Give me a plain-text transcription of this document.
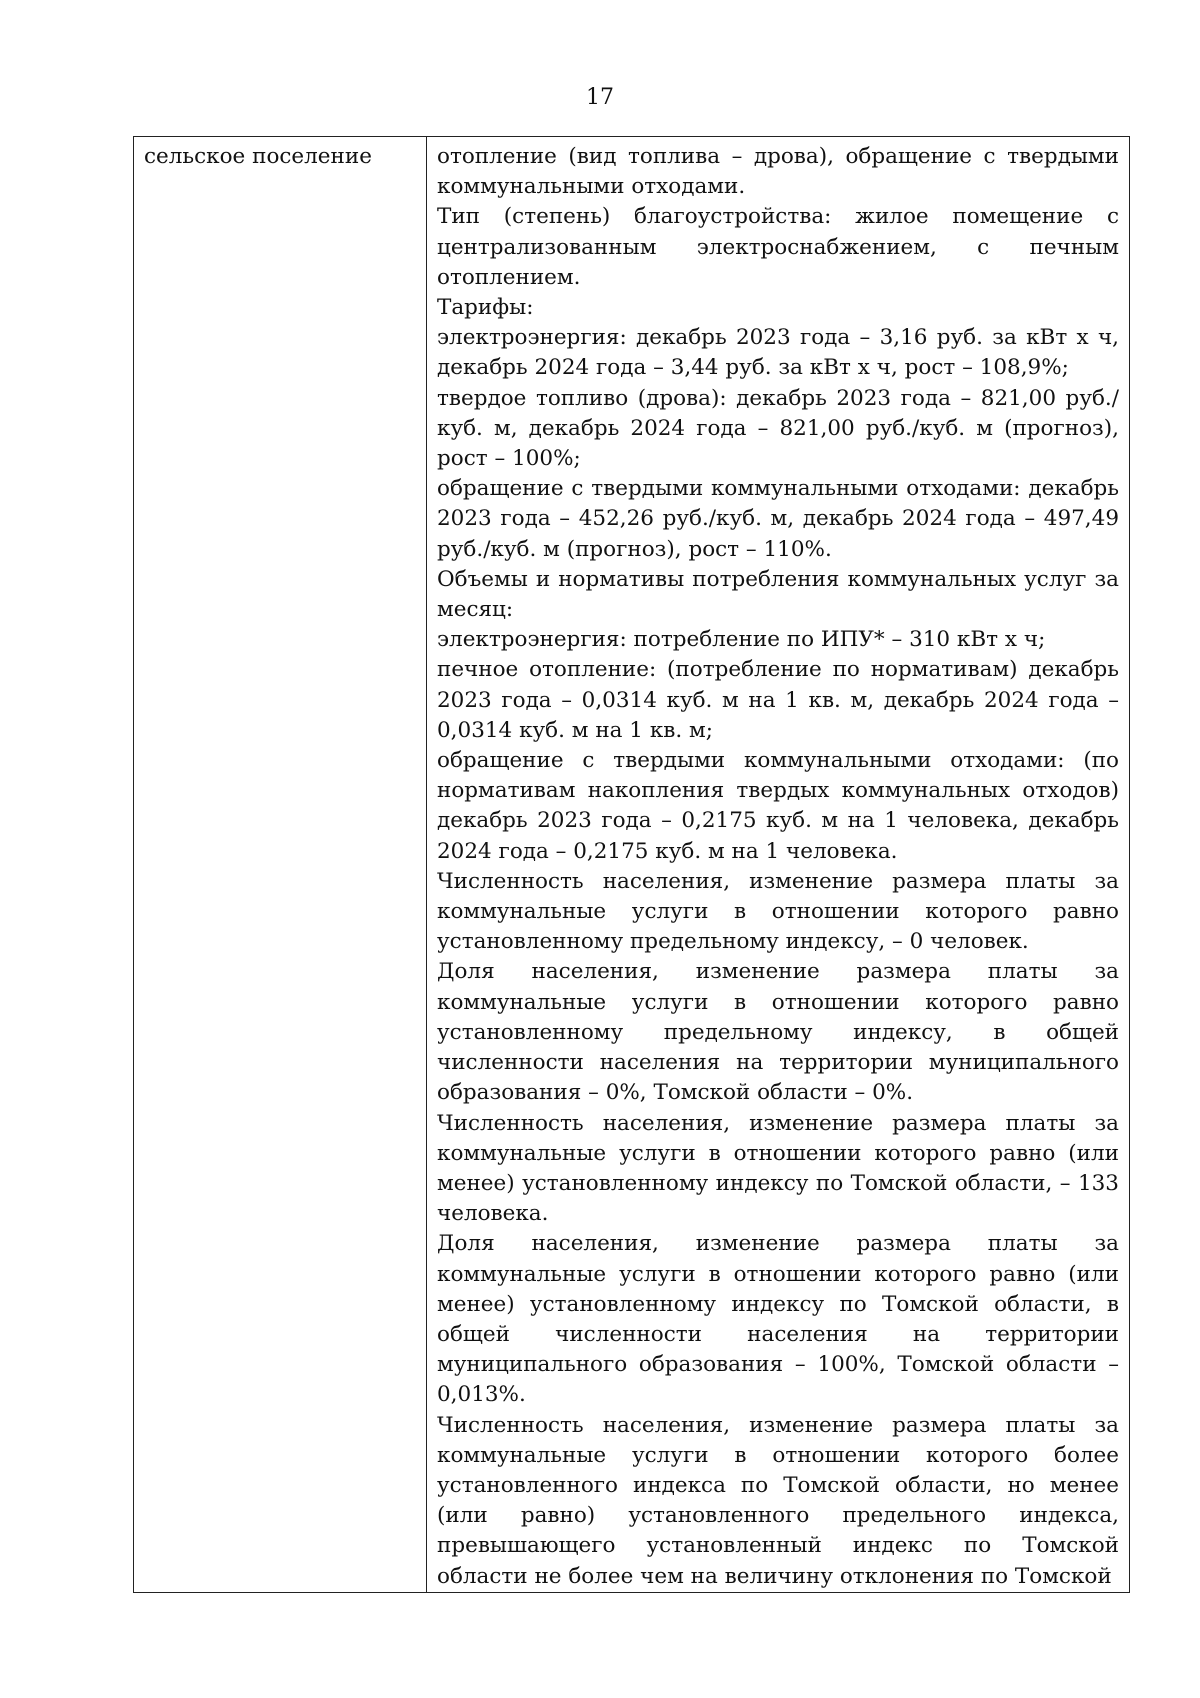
17
сельское поселение	отопление (вид топлива – дрова), обращение с твердыми коммунальными отходами.

Тип (степень) благоустройства: жилое помещение с централизованным электроснабжением, с печным отоплением.

Тарифы:

электроэнергия: декабрь 2023 года – 3,16 руб. за кВт х ч, декабрь 2024 года – 3,44 руб. за кВт х ч, рост – 108,9%;

твердое топливо (дрова): декабрь 2023 года – 821,00 руб./куб. м, декабрь 2024 года – 821,00 руб./куб. м (прогноз), рост – 100%;

обращение с твердыми коммунальными отходами: декабрь 2023 года – 452,26 руб./куб. м, декабрь 2024 года – 497,49 руб./куб. м (прогноз), рост – 110%.

Объемы и нормативы потребления коммунальных услуг за месяц:

электроэнергия: потребление по ИПУ* – 310 кВт х ч;

печное отопление: (потребление по нормативам) декабрь 2023 года – 0,0314 куб. м на 1 кв. м, декабрь 2024 года – 0,0314 куб. м на 1 кв. м;

обращение с твердыми коммунальными отходами: (по нормативам накопления твердых коммунальных отходов) декабрь 2023 года – 0,2175 куб. м на 1 человека, декабрь 2024 года – 0,2175 куб. м на 1 человека.

Численность населения, изменение размера платы за коммунальные услуги в отношении которого равно установленному предельному индексу, – 0 человек.

Доля населения, изменение размера платы за коммунальные услуги в отношении которого равно установленному предельному индексу, в общей численности населения на территории муниципального образования – 0%, Томской области – 0%.

Численность населения, изменение размера платы за коммунальные услуги в отношении которого равно (или менее) установленному индексу по Томской области, – 133 человека.

Доля населения, изменение размера платы за коммунальные услуги в отношении которого равно (или менее) установленному индексу по Томской области, в общей численности населения на территории муниципального образования – 100%, Томской области – 0,013%.

Численность населения, изменение размера платы за коммунальные услуги в отношении которого более установленного индекса по Томской области, но менее (или равно) установленного предельного индекса, превышающего установленный индекс по Томской области не более чем на величину отклонения по Томской
